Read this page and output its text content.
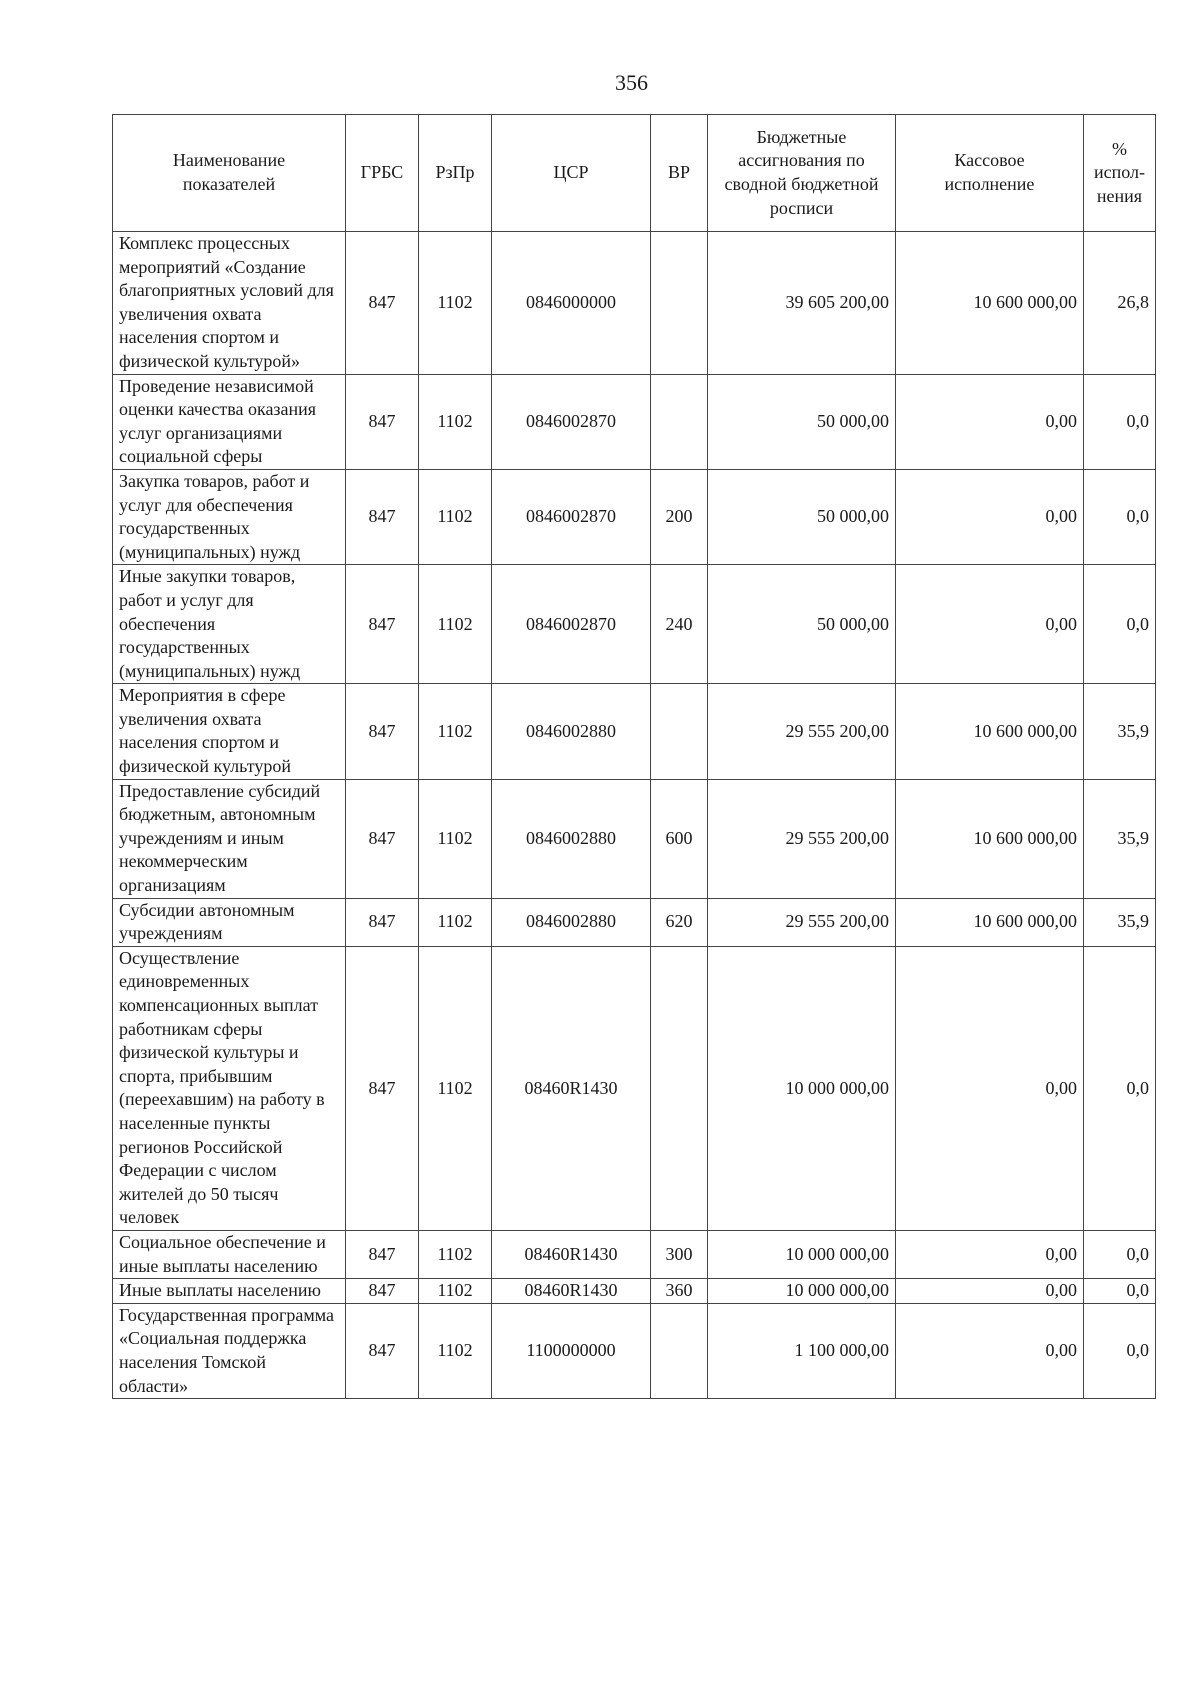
356
Наименование показателей	ГРБС	РзПр	ЦСР	ВР	Бюджетные ассигнования по сводной бюджетной росписи	Кассовое исполнение	% испол-нения
Комплекс процессных мероприятий «Создание благоприятных условий для увеличения охвата населения спортом и физической культурой»	847	1102	0846000000		39 605 200,00	10 600 000,00	26,8
Проведение независимой оценки качества оказания услуг организациями социальной сферы	847	1102	0846002870		50 000,00	0,00	0,0
Закупка товаров, работ и услуг для обеспечения государственных (муниципальных) нужд	847	1102	0846002870	200	50 000,00	0,00	0,0
Иные закупки товаров, работ и услуг для обеспечения государственных (муниципальных) нужд	847	1102	0846002870	240	50 000,00	0,00	0,0
Мероприятия в сфере увеличения охвата населения спортом и физической культурой	847	1102	0846002880		29 555 200,00	10 600 000,00	35,9
Предоставление субсидий бюджетным, автономным учреждениям и иным некоммерческим организациям	847	1102	0846002880	600	29 555 200,00	10 600 000,00	35,9
Субсидии автономным учреждениям	847	1102	0846002880	620	29 555 200,00	10 600 000,00	35,9
Осуществление единовременных компенсационных выплат работникам сферы физической культуры и спорта, прибывшим (переехавшим) на работу в населенные пункты регионов Российской Федерации с числом жителей до 50 тысяч человек	847	1102	08460R1430		10 000 000,00	0,00	0,0
Социальное обеспечение и иные выплаты населению	847	1102	08460R1430	300	10 000 000,00	0,00	0,0
Иные выплаты населению	847	1102	08460R1430	360	10 000 000,00	0,00	0,0
Государственная программа «Социальная поддержка населения Томской области»	847	1102	1100000000		1 100 000,00	0,00	0,0
